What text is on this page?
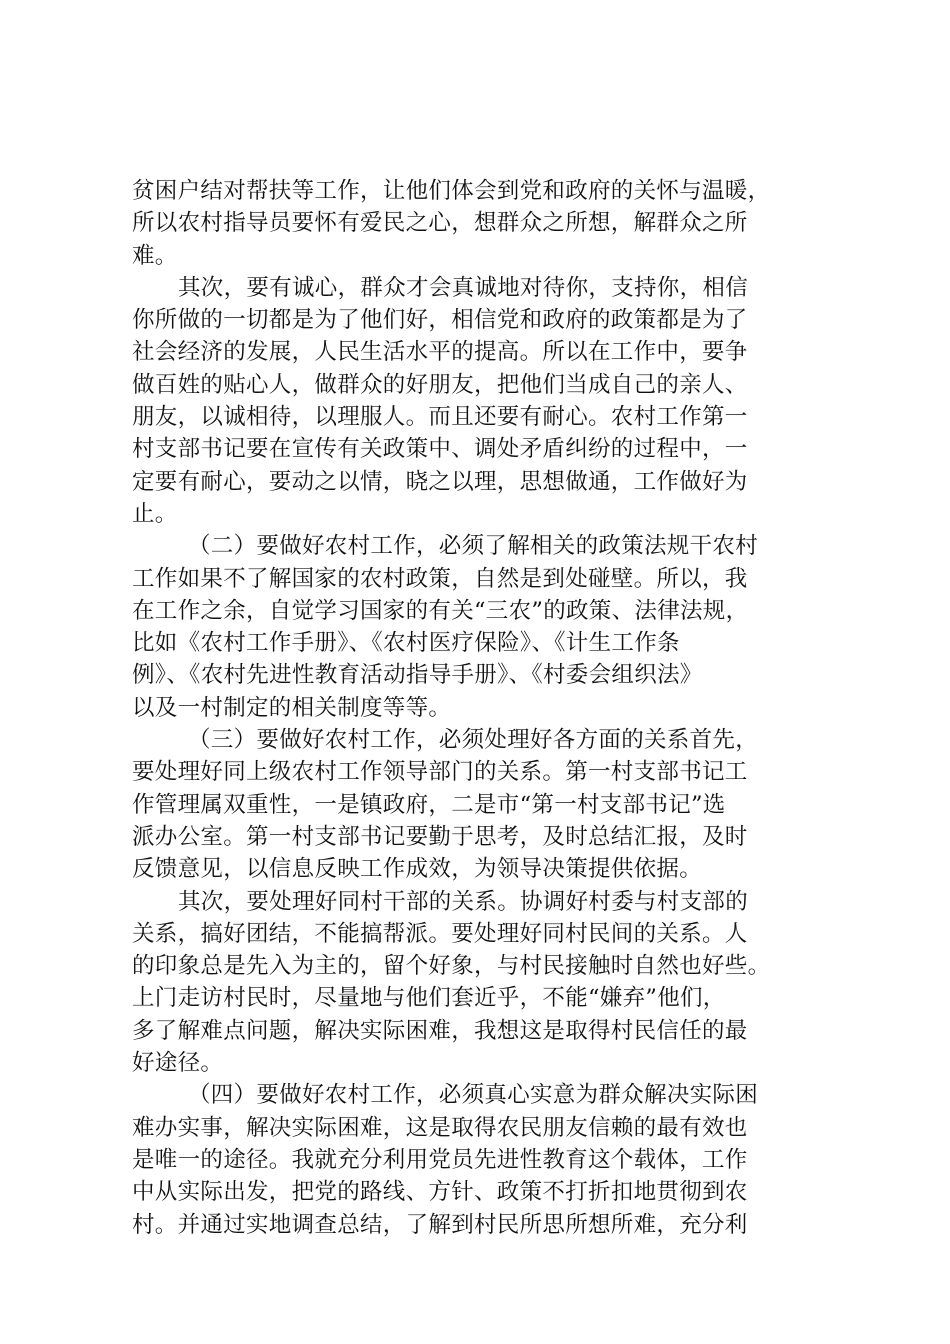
贫困户结对帮扶等工作，让他们体会到党和政府的关怀与温暖，
所以农村指导员要怀有爱民之心，想群众之所想，解群众之所
难。
其次，要有诚心，群众才会真诚地对待你，支持你，相信
你所做的一切都是为了他们好，相信党和政府的政策都是为了
社会经济的发展，人民生活水平的提高。所以在工作中，要争
做百姓的贴心人，做群众的好朋友，把他们当成自己的亲人、
朋友，以诚相待，以理服人。而且还要有耐心。农村工作第一
村支部书记要在宣传有关政策中、调处矛盾纠纷的过程中，一
定要有耐心，要动之以情，晓之以理，思想做通，工作做好为
止。
（二）要做好农村工作，必须了解相关的政策法规干农村
工作如果不了解国家的农村政策，自然是到处碰壁。所以，我
在工作之余，自觉学习国家的有关“三农”的政策、法律法规，
比如《农村工作手册》、《农村医疗保险》、《计生工作条
例》、《农村先进性教育活动指导手册》、《村委会组织法》
以及一村制定的相关制度等等。
（三）要做好农村工作，必须处理好各方面的关系首先，
要处理好同上级农村工作领导部门的关系。第一村支部书记工
作管理属双重性，一是镇政府，二是市“第一村支部书记”选
派办公室。第一村支部书记要勤于思考，及时总结汇报，及时
反馈意见，以信息反映工作成效，为领导决策提供依据。
其次，要处理好同村干部的关系。协调好村委与村支部的
关系，搞好团结，不能搞帮派。要处理好同村民间的关系。人
的印象总是先入为主的，留个好象，与村民接触时自然也好些。
上门走访村民时，尽量地与他们套近乎，不能“嫌弃”他们，
多了解难点问题，解决实际困难，我想这是取得村民信任的最
好途径。
（四）要做好农村工作，必须真心实意为群众解决实际困
难办实事，解决实际困难，这是取得农民朋友信赖的最有效也
是唯一的途径。我就充分利用党员先进性教育这个载体，工作
中从实际出发，把党的路线、方针、政策不打折扣地贯彻到农
村。并通过实地调查总结，了解到村民所思所想所难，充分利
